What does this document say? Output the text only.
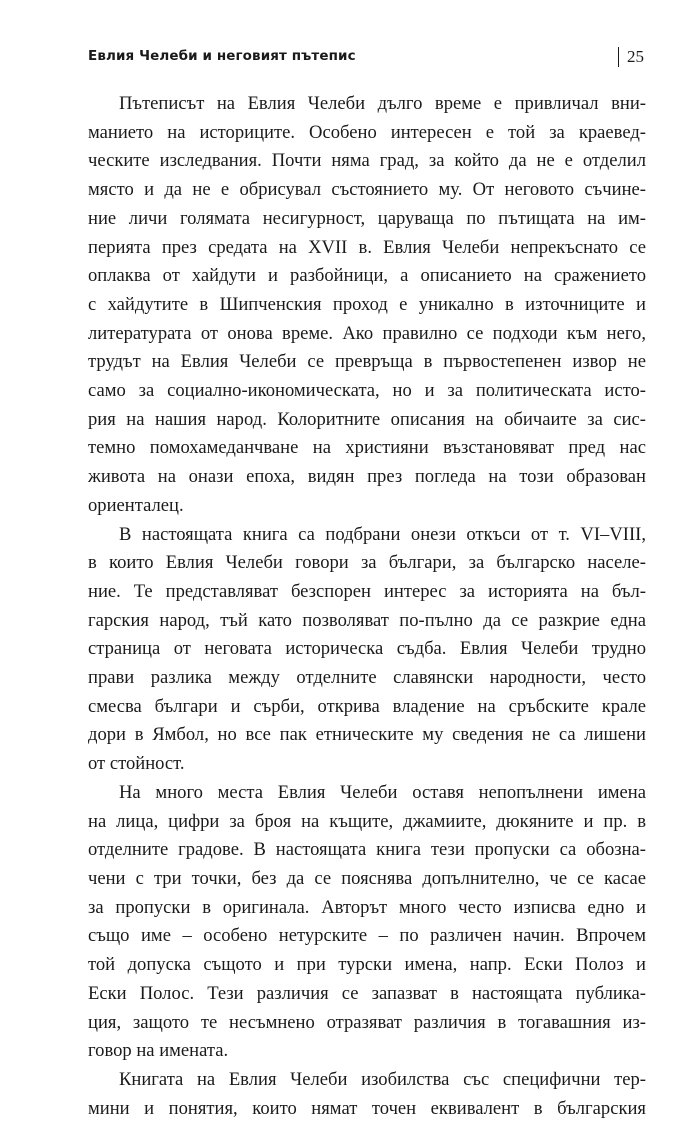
Евлия Челеби и неговият пътепис	25
Пътеписът на Евлия Челеби дълго време е привличал вни-
манието на историците. Особено интересен е той за краевед-
ческите изследвания. Почти няма град, за който да не е отделил
място и да не е обрисувал състоянието му. От неговото съчине-
ние личи голямата несигурност, царуваща по пътищата на им-
перията през средата на XVII в. Евлия Челеби непрекъснато се
оплаква от хайдути и разбойници, а описанието на сражението
с хайдутите в Шипченския проход е уникално в източниците и
литературата от онова време. Ако правилно се подходи към него,
трудът на Евлия Челеби се превръща в първостепенен извор не
само за социално-икономическата, но и за политическата исто-
рия на нашия народ. Колоритните описания на обичаите за сис-
темно помохамеданчване на християни възстановяват пред нас
живота на онази епоха, видян през погледа на този образован
ориенталец.
В настоящата книга са подбрани онези откъси от т. VI–VIII,
в които Евлия Челеби говори за българи, за българско населе-
ние. Те представляват безспорен интерес за историята на бъл-
гарския народ, тъй като позволяват по-пълно да се разкрие една
страница от неговата историческа съдба. Евлия Челеби трудно
прави разлика между отделните славянски народности, често
смесва българи и сърби, открива владение на сръбските крале
дори в Ямбол, но все пак етническите му сведения не са лишени
от стойност.
На много места Евлия Челеби оставя непопълнени имена
на лица, цифри за броя на къщите, джамиите, дюкяните и пр. в
отделните градове. В настоящата книга тези пропуски са обозна-
чени с три точки, без да се пояснява допълнително, че се касае
за пропуски в оригинала. Авторът много често изписва едно и
също име – особено нетурските – по различен начин. Впрочем
той допуска същото и при турски имена, напр. Ески Полоз и
Ески Полос. Тези различия се запазват в настоящата публика-
ция, защото те несъмнено отразяват различия в тогавашния из-
говор на имената.
Книгата на Евлия Челеби изобилства със специфични тер-
мини и понятия, които нямат точен еквивалент в българския
